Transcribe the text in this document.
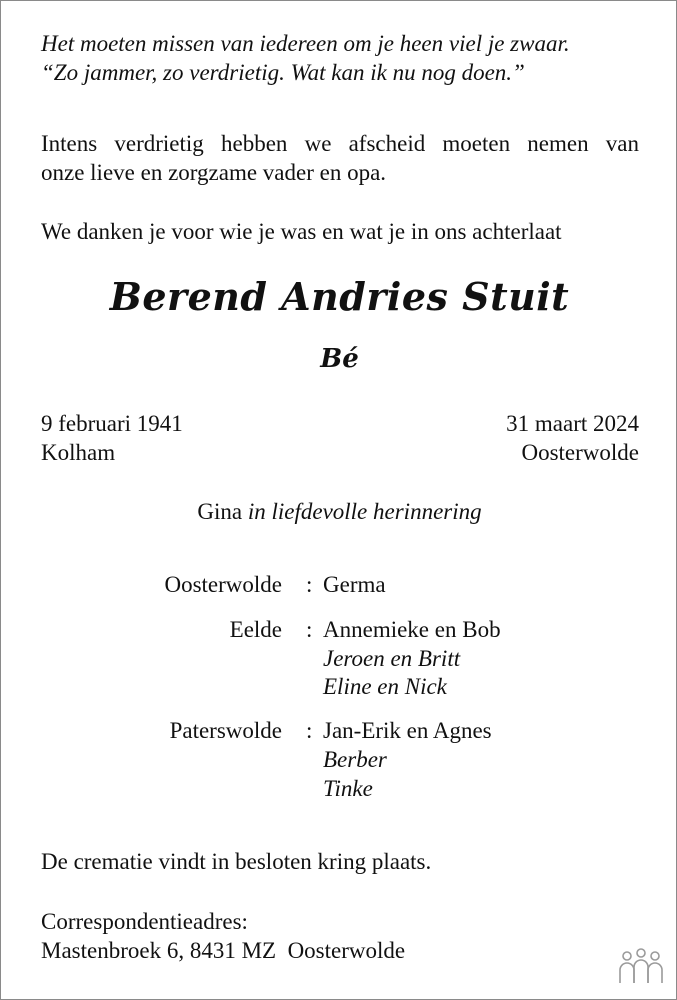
Het moeten missen van iedereen om je heen viel je zwaar.
“Zo jammer, zo verdrietig. Wat kan ik nu nog doen.”
Intens verdrietig hebben we afscheid moeten nemen van
onze lieve en zorgzame vader en opa.
We danken je voor wie je was en wat je in ons achterlaat
Berend Andries Stuit
Bé
9 februari 1941
Kolham
31 maart 2024
Oosterwolde
Gina in liefdevolle herinnering
Oosterwolde : Germa
Eelde : Annemieke en Bob
Jeroen en Britt
Eline en Nick
Paterswolde : Jan-Erik en Agnes
Berber
Tinke
De crematie vindt in besloten kring plaats.
Correspondentieadres:
Mastenbroek 6, 8431 MZ  Oosterwolde
